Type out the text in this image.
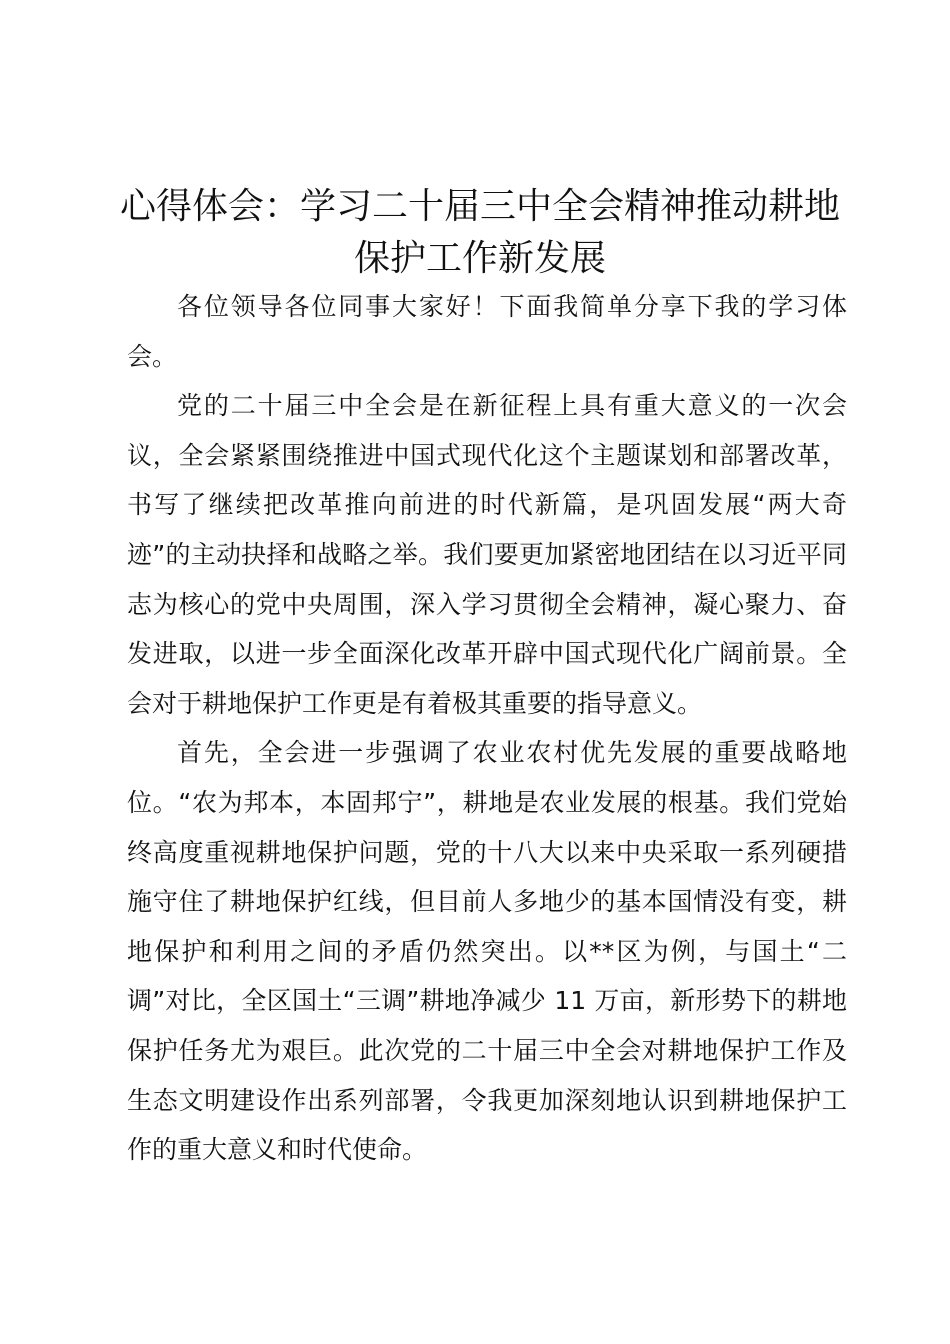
心得体会：学习二十届三中全会精神推动耕地
保护工作新发展

各位领导各位同事大家好！下面我简单分享下我的学习体会。

党的二十届三中全会是在新征程上具有重大意义的一次会议，全会紧紧围绕推进中国式现代化这个主题谋划和部署改革，书写了继续把改革推向前进的时代新篇，是巩固发展“两大奇迹”的主动抉择和战略之举。我们要更加紧密地团结在以习近平同志为核心的党中央周围，深入学习贯彻全会精神，凝心聚力、奋发进取，以进一步全面深化改革开辟中国式现代化广阔前景。全会对于耕地保护工作更是有着极其重要的指导意义。

首先，全会进一步强调了农业农村优先发展的重要战略地位。“农为邦本，本固邦宁”，耕地是农业发展的根基。我们党始终高度重视耕地保护问题，党的十八大以来中央采取一系列硬措施守住了耕地保护红线，但目前人多地少的基本国情没有变，耕地保护和利用之间的矛盾仍然突出。以**区为例，与国土“二调”对比，全区国土“三调”耕地净减少 11 万亩，新形势下的耕地保护任务尤为艰巨。此次党的二十届三中全会对耕地保护工作及生态文明建设作出系列部署，令我更加深刻地认识到耕地保护工作的重大意义和时代使命。
